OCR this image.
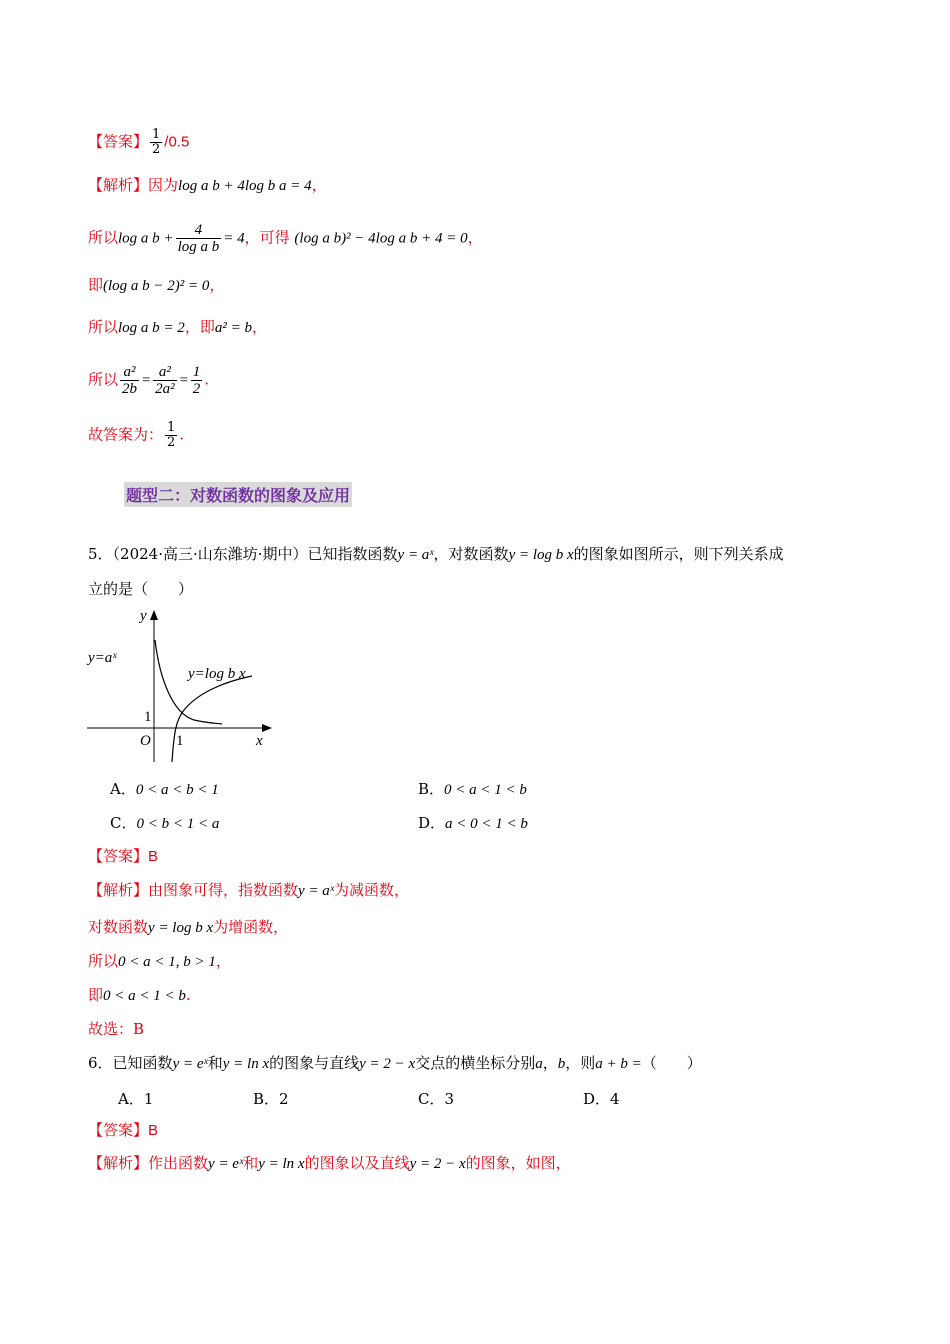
【答案】 $\frac{1}{2} /0.5$
【解析】因为log a b + 4log b a = 4，
所以log a $b + \frac{4}{\text{log a b}} = 4$，可得 (log a b)² − 4log a b + 4 = 0，
即(log a b − 2)² = 0，
所以log a b = 2，即a² = b，
所以 $\frac{\text{a²}}{2b} = \frac{\text{a²}}{\text{2a²}} = \frac{1}{2}$ .
故答案为： $\frac{1}{2}$ .
题型二：对数函数的图象及应用
5．（2024·高三·山东潍坊·期中）已知指数函数y = aˣ，对数函数y = log b x的图象如图所示，则下列关系成
立的是（　　）
y
x
O 1
1
y=aˣ
y=log b x
A．0 < a < b < 1	B．0 < a < 1 < b
C．0 < b < 1 < a	D．a < 0 < 1 < b
【答案】B
【解析】由图象可得，指数函数y = aˣ为减函数，
对数函数y = log b x为增函数，
所以0 < a < 1, b > 1，
即0 < a < 1 < b.
故选：B
6．已知函数y = eˣ和y = ln x的图象与直线y = 2 − x交点的横坐标分别a，b，则a + b =（　　）
A．1	B．2	C．3	D．4
【答案】B
【解析】作出函数y = eˣ和y = ln x的图象以及直线y = 2 − x的图象，如图，
